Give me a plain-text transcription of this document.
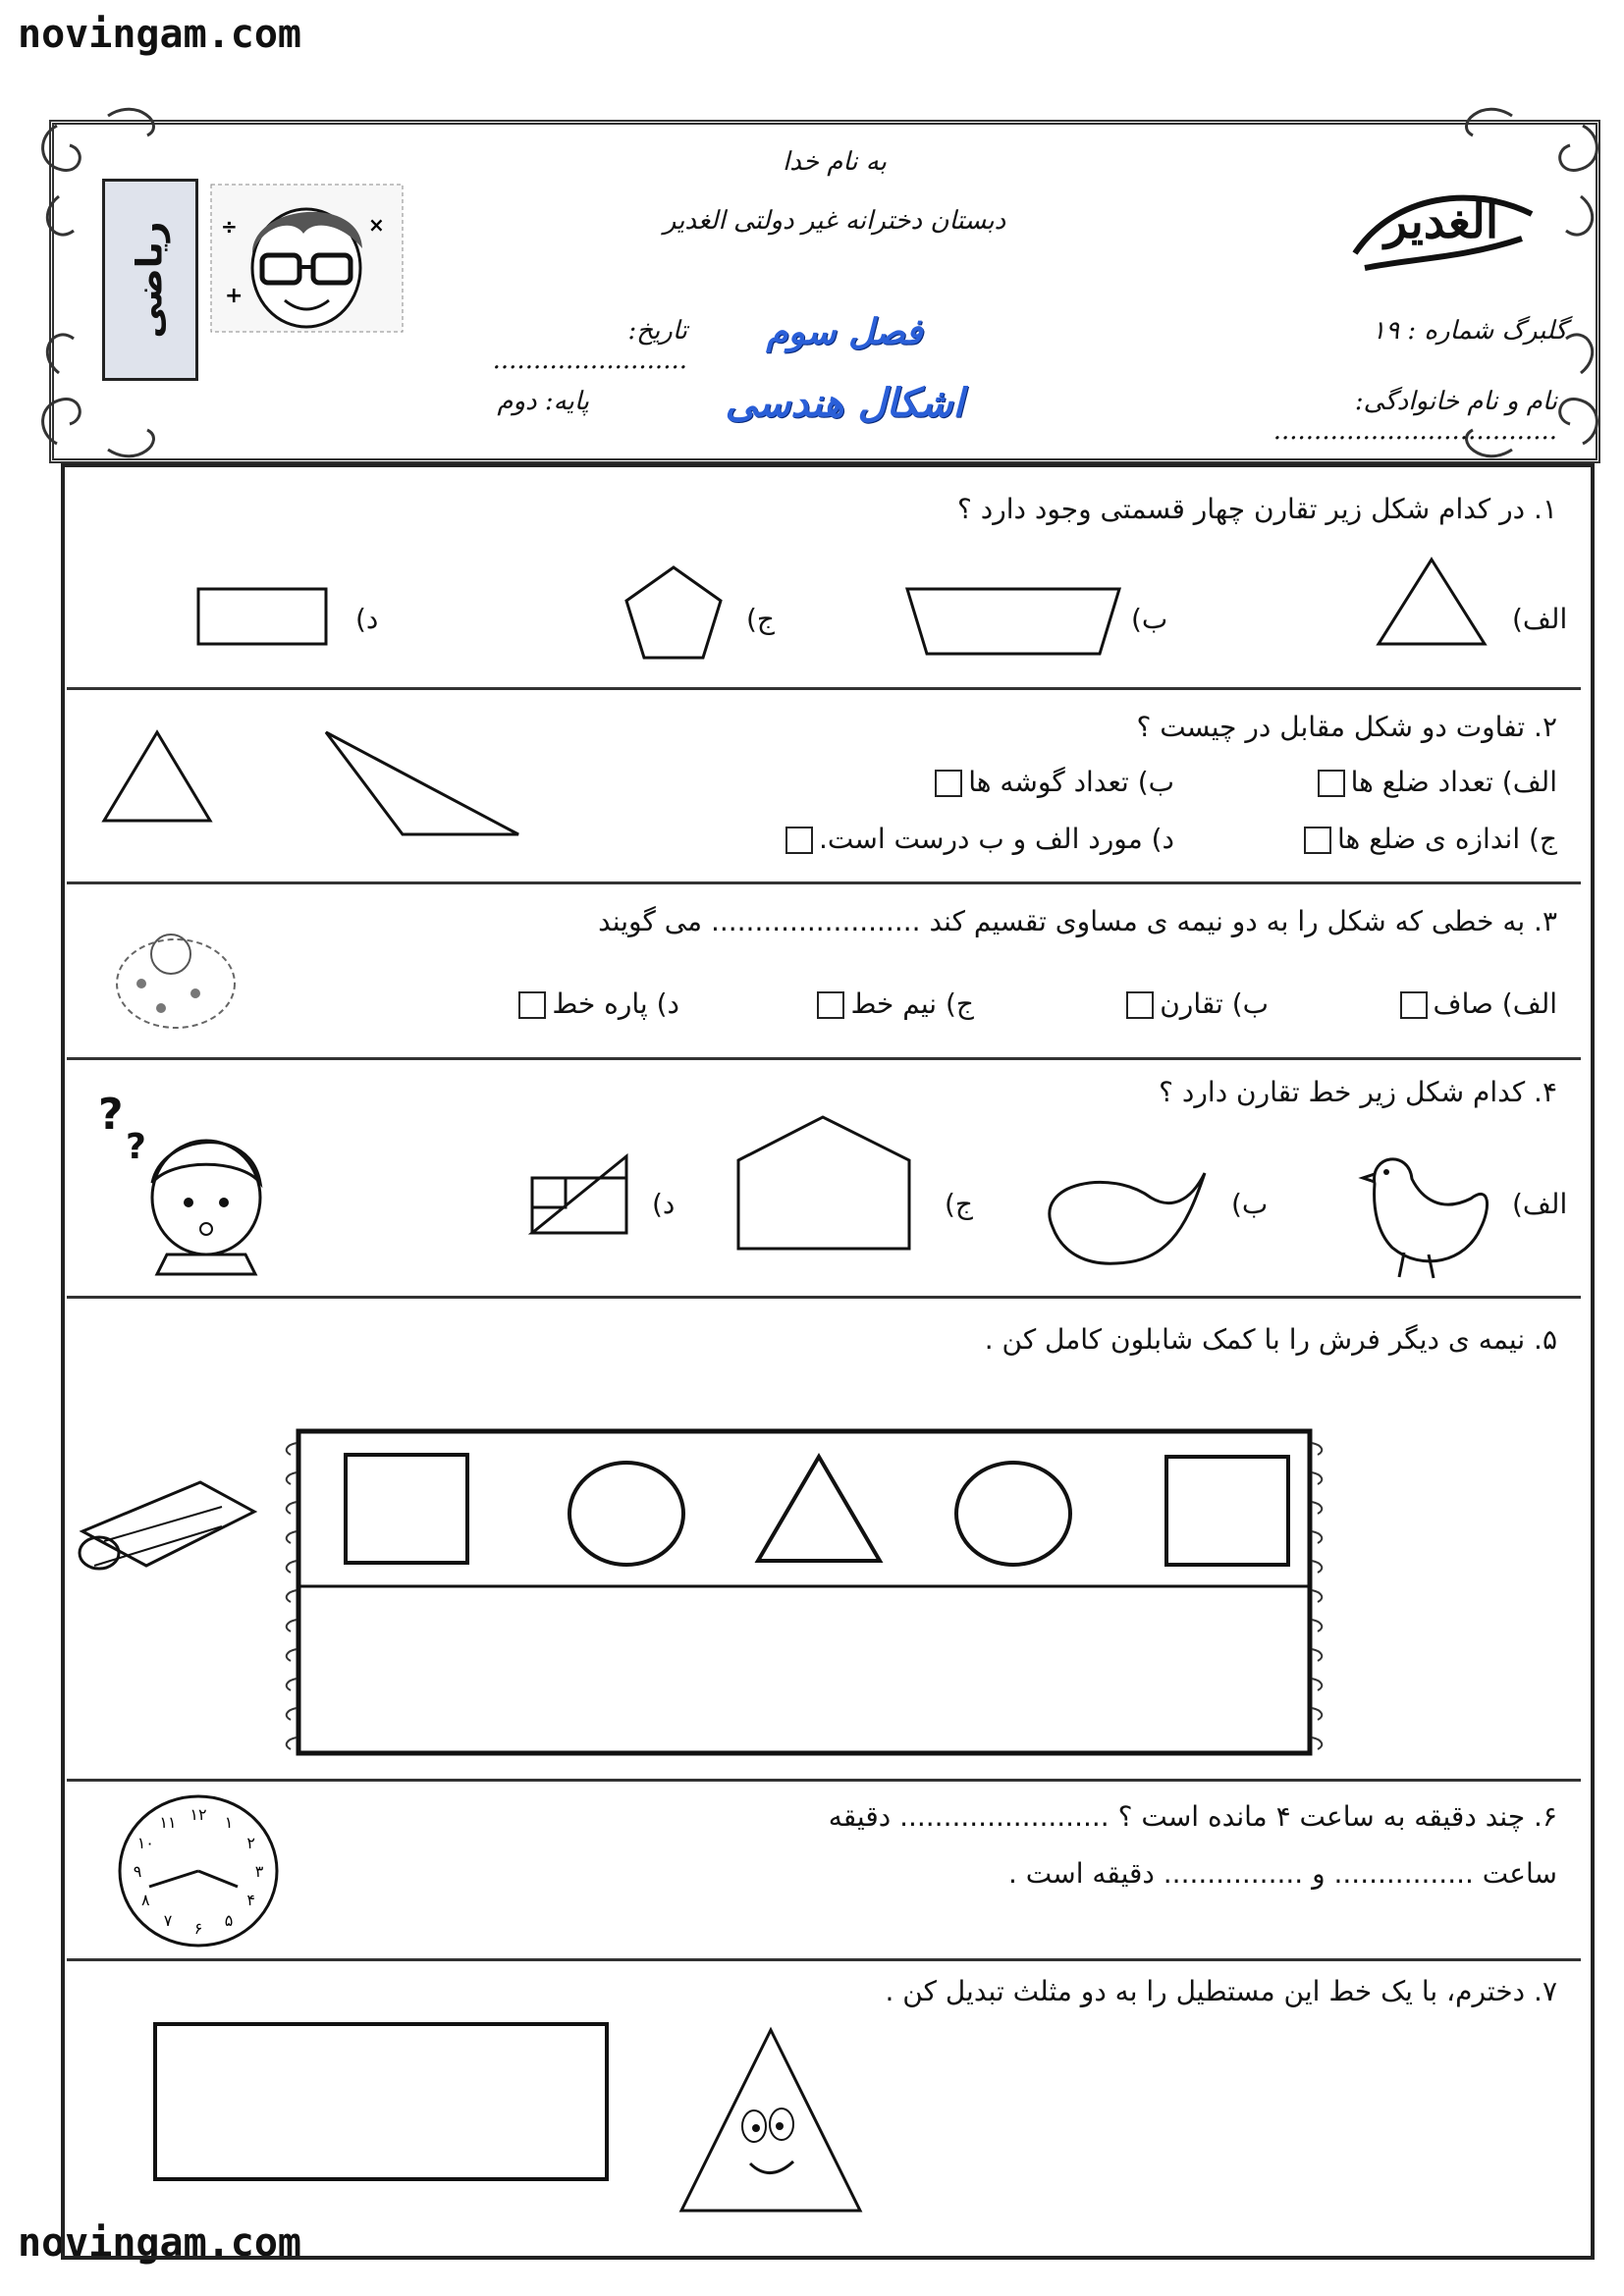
novingam.com
novingam.com
ریاضی	+
×
÷
به نام خدا
دبستان دخترانه غیر دولتی الغدیر	الغدیر
گلبرگ شماره : ۱۹
تاریخ: ........................
فصل سوم
اشکال هندسی	نام و نام خانوادگی: ...................................
پایه: دوم
۱. در کدام شکل زیر تقارن چهار قسمتی وجود دارد ؟
الف)
ب)
ج)
د)
۲. تفاوت دو شکل مقابل در چیست ؟
الف) تعداد ضلع ها
ب) تعداد گوشه ها
ج) اندازه ی ضلع ها
د) مورد الف و ب درست است.
۳. به خطی که شکل را به دو نیمه ی مساوی تقسیم کند ........................ می گویند
الف) صاف
ب) تقارن
ج) نیم خط
د) پاره خط
۴. کدام شکل زیر خط تقارن دارد ؟
الف)
ب)
ج)
د)
?
?
۵. نیمه ی دیگر فرش را با کمک شابلون کامل کن .
۶. چند دقیقه به ساعت ۴ مانده است ؟ ........................ دقیقه
ساعت ................ و ................ دقیقه است .
۱۲ ۱
۲
۳
۴
۵
۶
۷
۸
۹
۱۰
۱۱
۷. دخترم، با یک خط این مستطیل را به دو مثلث تبدیل کن .
